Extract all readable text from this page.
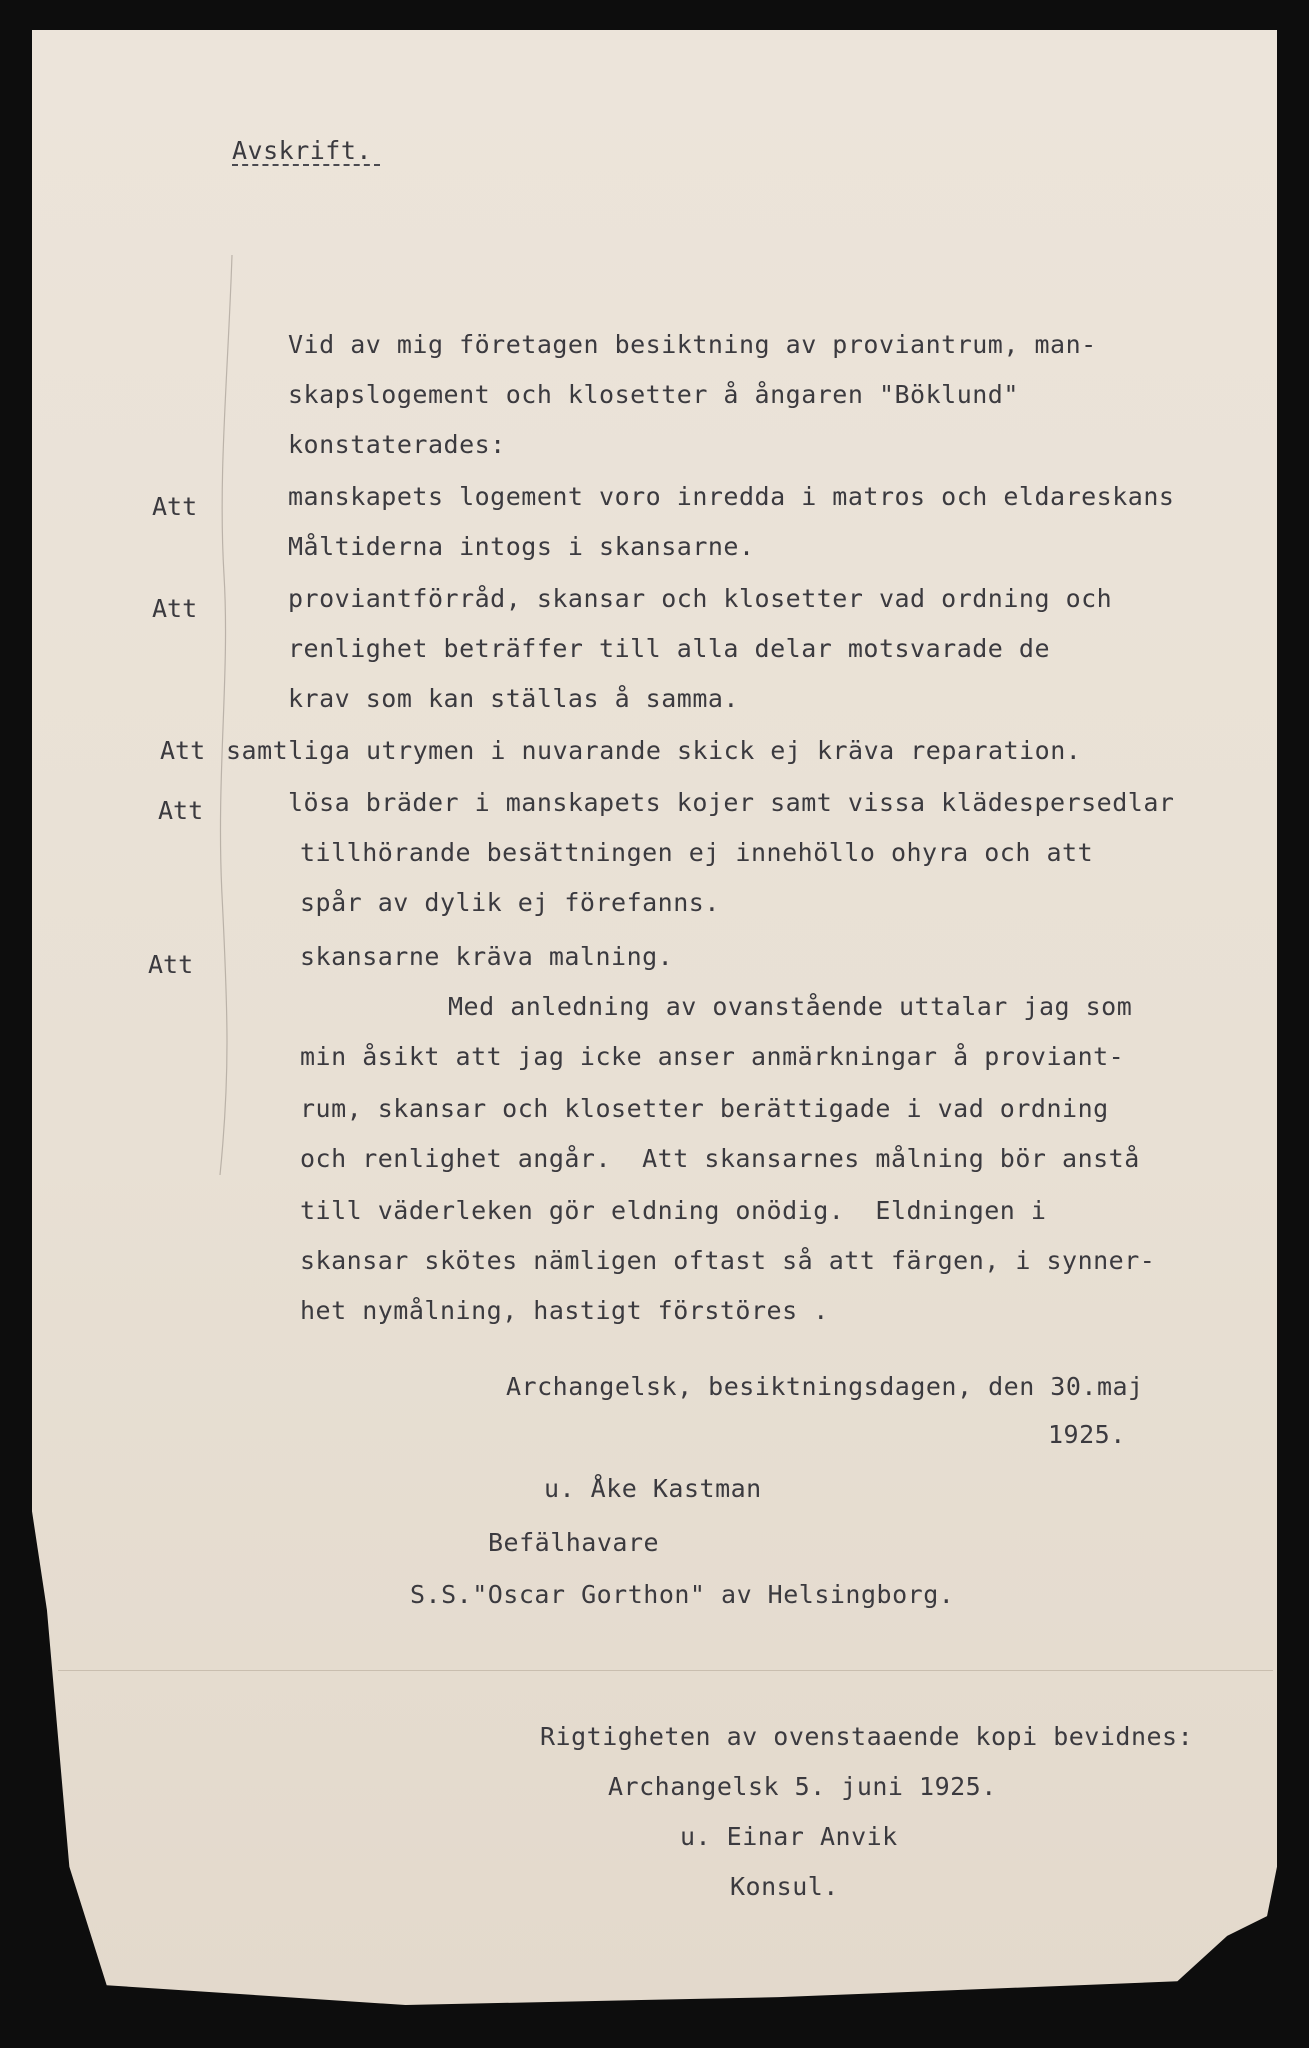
Avskrift.
Vid av mig företagen besiktning av proviantrum, man-
skapslogement och klosetter å ångaren "Böklund"
konstaterades:
manskapets logement voro inredda i matros och eldareskans
Måltiderna intogs i skansarne.
proviantförråd, skansar och klosetter vad ordning och
renlighet beträffer till alla delar motsvarade de
krav som kan ställas å samma.
samtliga utrymen i nuvarande skick ej kräva reparation.
lösa bräder i manskapets kojer samt vissa klädespersedlar
tillhörande besättningen ej innehöllo ohyra och att
spår av dylik ej förefanns.
skansarne kräva malning.
Med anledning av ovanstående uttalar jag som
min åsikt att jag icke anser anmärkningar å proviant-
rum, skansar och klosetter berättigade i vad ordning
och renlighet angår.  Att skansarnes målning bör anstå
till väderleken gör eldning onödig.  Eldningen i
skansar skötes nämligen oftast så att färgen, i synner-
het nymålning, hastigt förstöres .
Att
Att
Att
Att
Att
Archangelsk, besiktningsdagen, den 30.maj
1925.
u. Åke Kastman
Befälhavare
S.S."Oscar Gorthon" av Helsingborg.
Rigtigheten av ovenstaaende kopi bevidnes:
Archangelsk 5. juni 1925.
u. Einar Anvik
Konsul.
